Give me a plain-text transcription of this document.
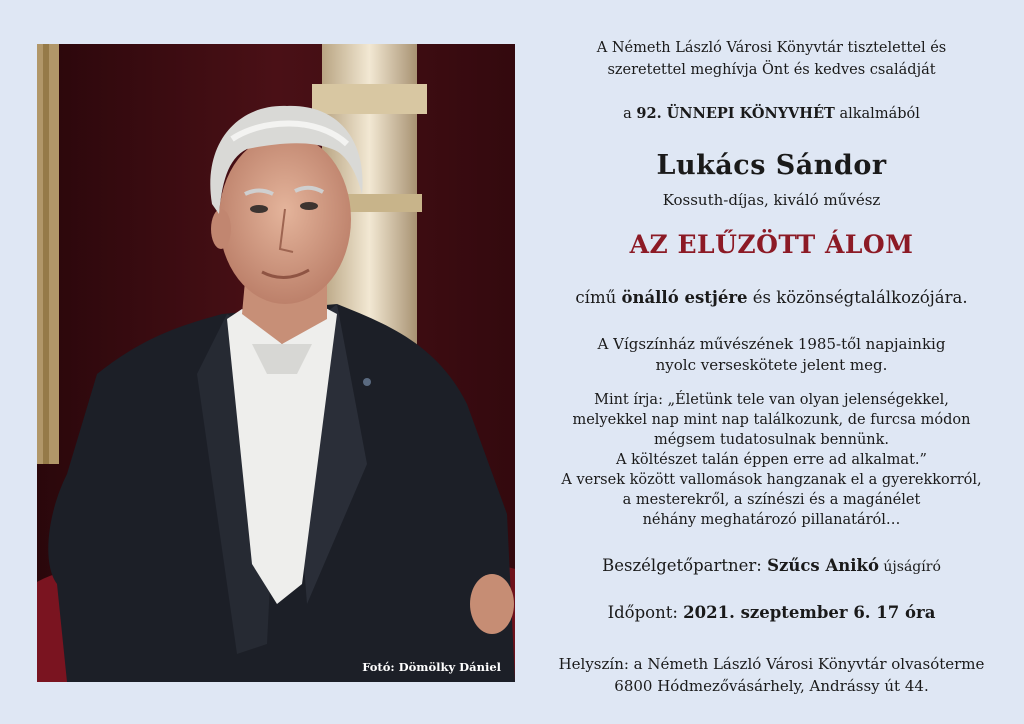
Fotó: Dömölky Dániel
A Németh László Városi Könyvtár tisztelettel és
szeretettel meghívja Önt és kedves családját
a 92. ÜNNEPI KÖNYVHÉT alkalmából
Lukács Sándor
Kossuth-díjas, kiváló művész
AZ ELŰZÖTT ÁLOM
című önálló estjére és közönségtalálkozójára.
A Vígszínház művészének 1985-től napjainkig
nyolc verseskötete jelent meg.
Mint írja: „Életünk tele van olyan jelenségekkel,
melyekkel nap mint nap találkozunk, de furcsa módon
mégsem tudatosulnak bennünk.
A költészet talán éppen erre ad alkalmat.”
A versek között vallomások hangzanak el a gyerekkorról,
a mesterekről, a színészi és a magánélet
néhány meghatározó pillanatáról…
Beszélgetőpartner: Szűcs Anikó újságíró
Időpont: 2021. szeptember 6. 17 óra
Helyszín: a Németh László Városi Könyvtár olvasóterme
6800 Hódmezővásárhely, Andrássy út 44.
